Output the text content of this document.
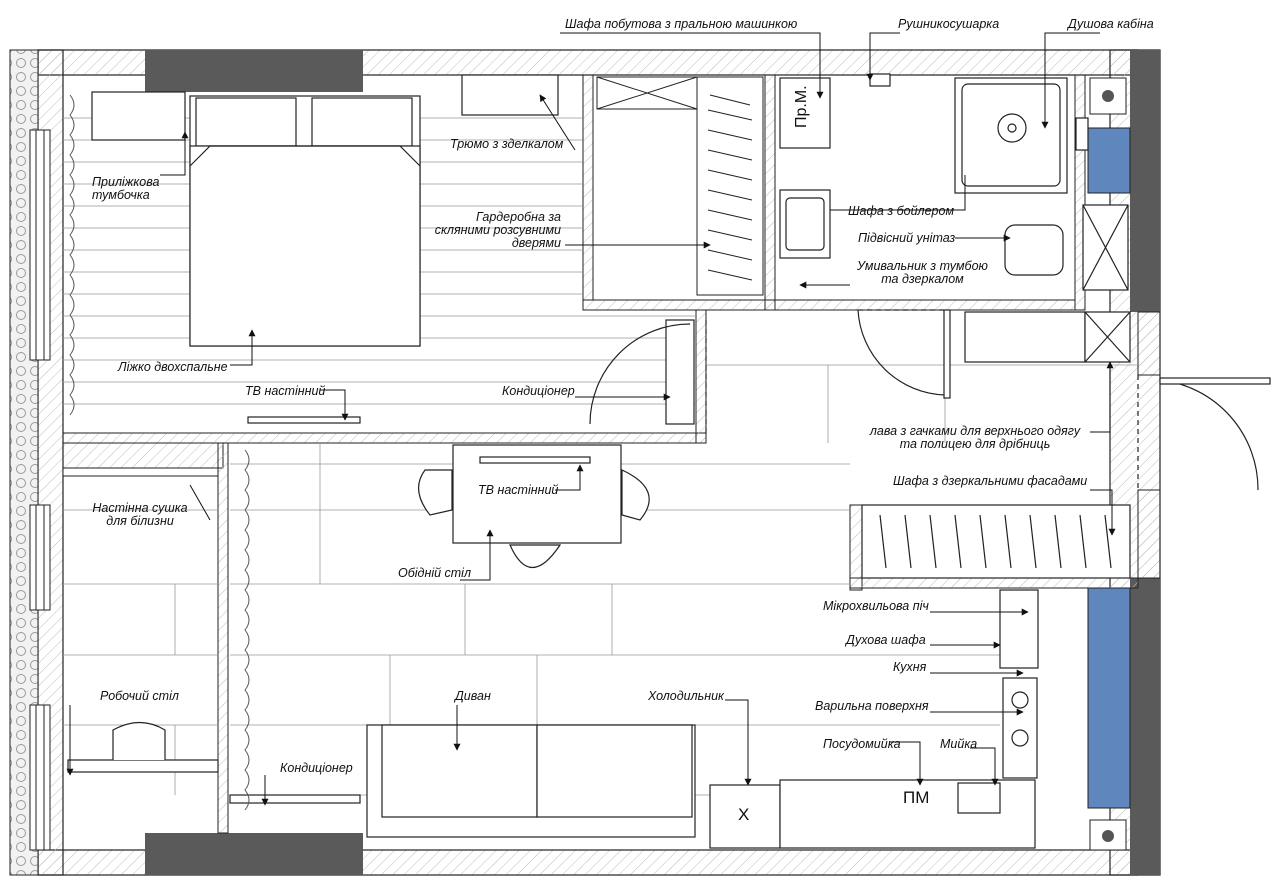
Шафа побутова з пральною машинкою	Рушникосушарка	Душова кабіна
Приліжкова
тумбочка
Трюмо з зделкалом
Гардеробна за
скляними розсувними
дверями
Шафа з бойлером
Підвісний унітаз
Умивальник з тумбою
та дзеркалом
Ліжко двохспальне
ТВ настінний	Кондиціонер
лава з гачками для верхнього одягу
та полицею для дрібниць
Шафа з дзеркальними фасадами
ТВ настінний
Настінна сушка
для білизни
Обідній стіл
Мікрохвильова піч
Духова шафа
Кухня
Робочий стіл	Диван	Холодильник
Варильна поверхня
Посудомийка	Мийка
Кондиціонер
Пр.М.
ПМ
Х
